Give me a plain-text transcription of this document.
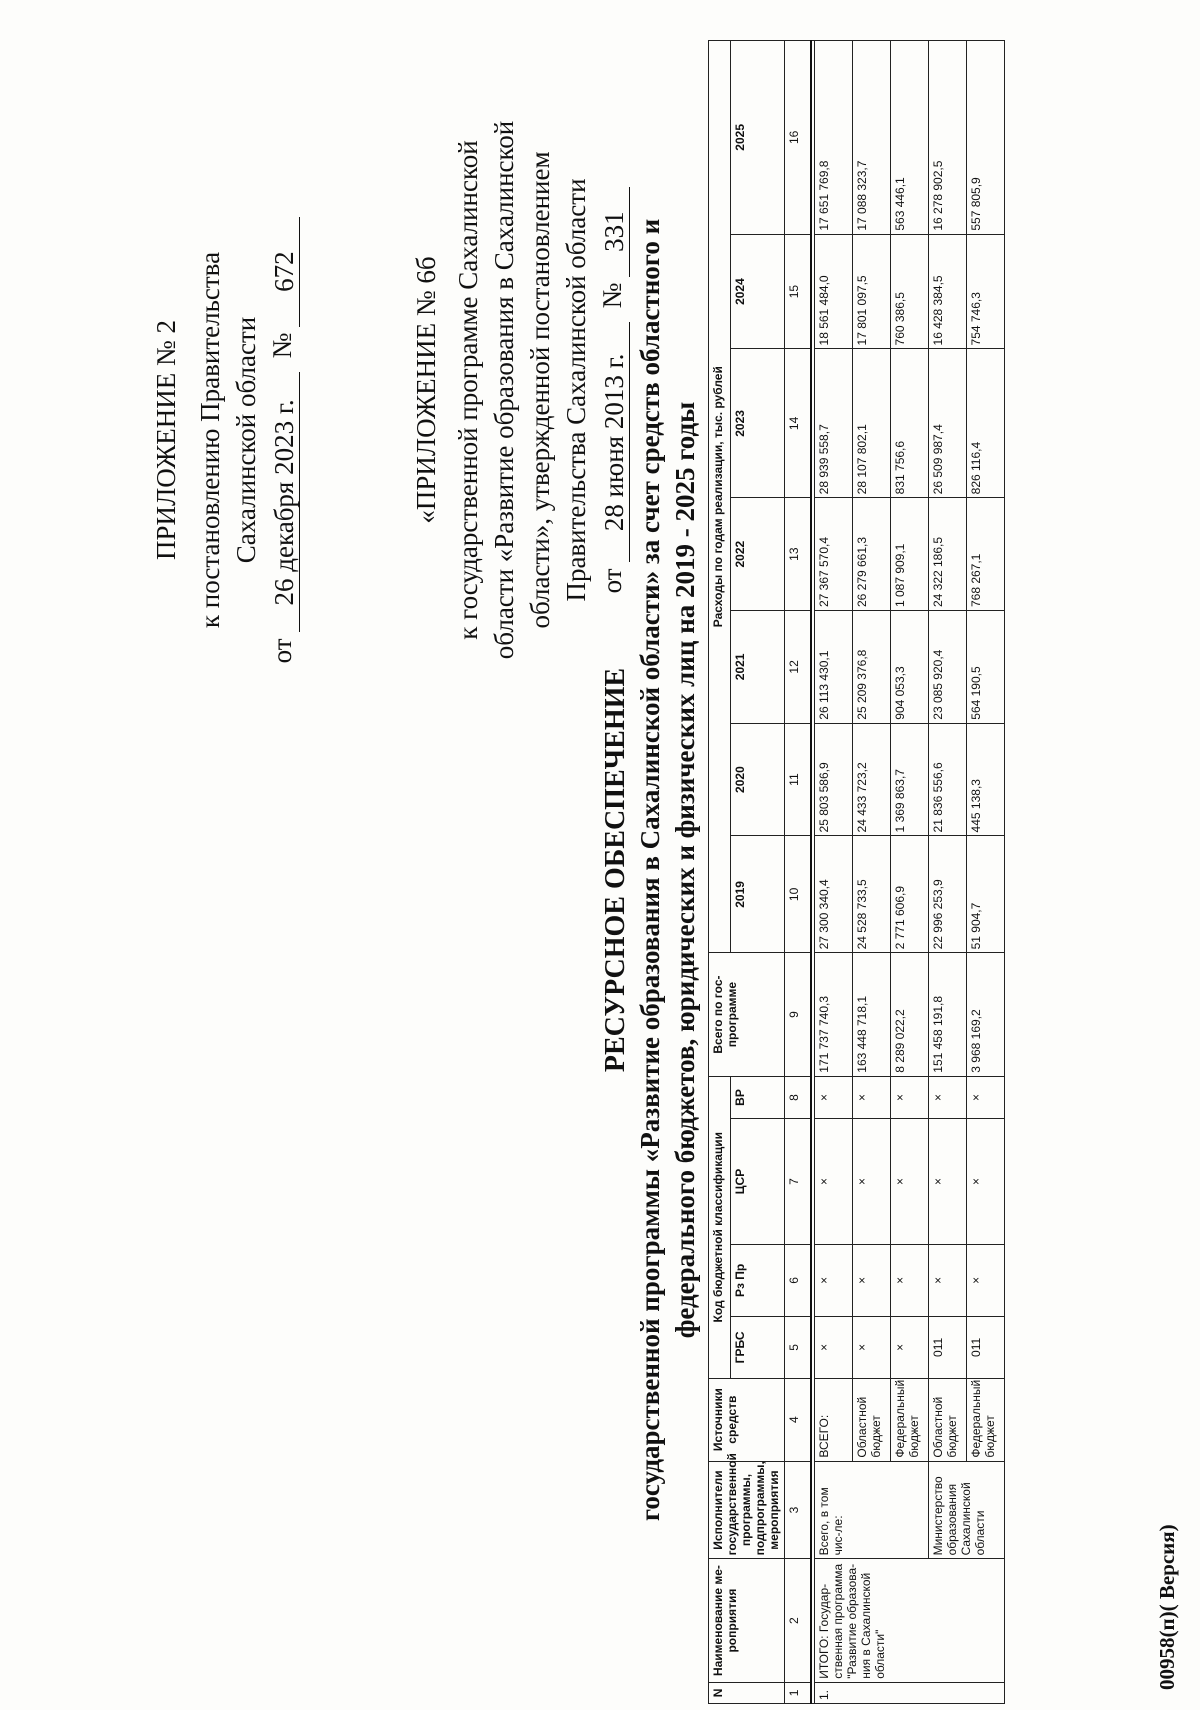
ПРИЛОЖЕНИЕ № 2 к постановлению Правительства Сахалинской области
от
26 декабря 2023 г.
№
672	«ПРИЛОЖЕНИЕ № 6б к государственной программе Сахалинской области «Развитие образования в Сахалинской области», утвержденной постановлением Правительства Сахалинской области от
28 июня 2013 г.
№
331
РЕСУРСНОЕ ОБЕСПЕЧЕНИЕ государственной программы «Развитие образования в Сахалинской области» за счет средств областного и федерального бюджетов, юридических и физических лиц на 2019 - 2025 годы
N	Наименование ме-роприятия	Исполнители государственной программы, подпрограммы, мероприятия	Источники средств	Код бюджетной классификации				Всего по гос-программе	Расходы по годам реализации, тыс. рублей						
				ГРБС	Рз Пр	ЦСР	ВР		2019	2020	2021	2022	2023	2024	2025
1	2	3	4	5	6	7	8	9	10	11	12	13	14	15	16

1.	ИТОГО: Государ-ственная программа "Развитие образова-ния в Сахалинской области"	Всего, в том чис-ле:	ВСЕГО:	×	×	×	×	171 737 740,3	27 300 340,4	25 803 586,9	26 113 430,1	27 367 570,4	28 939 558,7	18 561 484,0	17 651 769,8
			Областной бюджет	×	×	×	×	163 448 718,1	24 528 733,5	24 433 723,2	25 209 376,8	26 279 661,3	28 107 802,1	17 801 097,5	17 088 323,7
			Федеральный бюджет	×	×	×	×	8 289 022,2	2 771 606,9	1 369 863,7	904 053,3	1 087 909,1	831 756,6	760 386,5	563 446,1
		Министерство образования Сахалинской области	Областной бюджет	011	×	×	×	151 458 191,8	22 996 253,9	21 836 556,6	23 085 920,4	24 322 186,5	26 509 987,4	16 428 384,5	16 278 902,5
			Федеральный бюджет	011	×	×	×	3 968 169,2	51 904,7	445 138,3	564 190,5	768 267,1	826 116,4	754 746,3	557 805,9
00958(п)( Версия)
